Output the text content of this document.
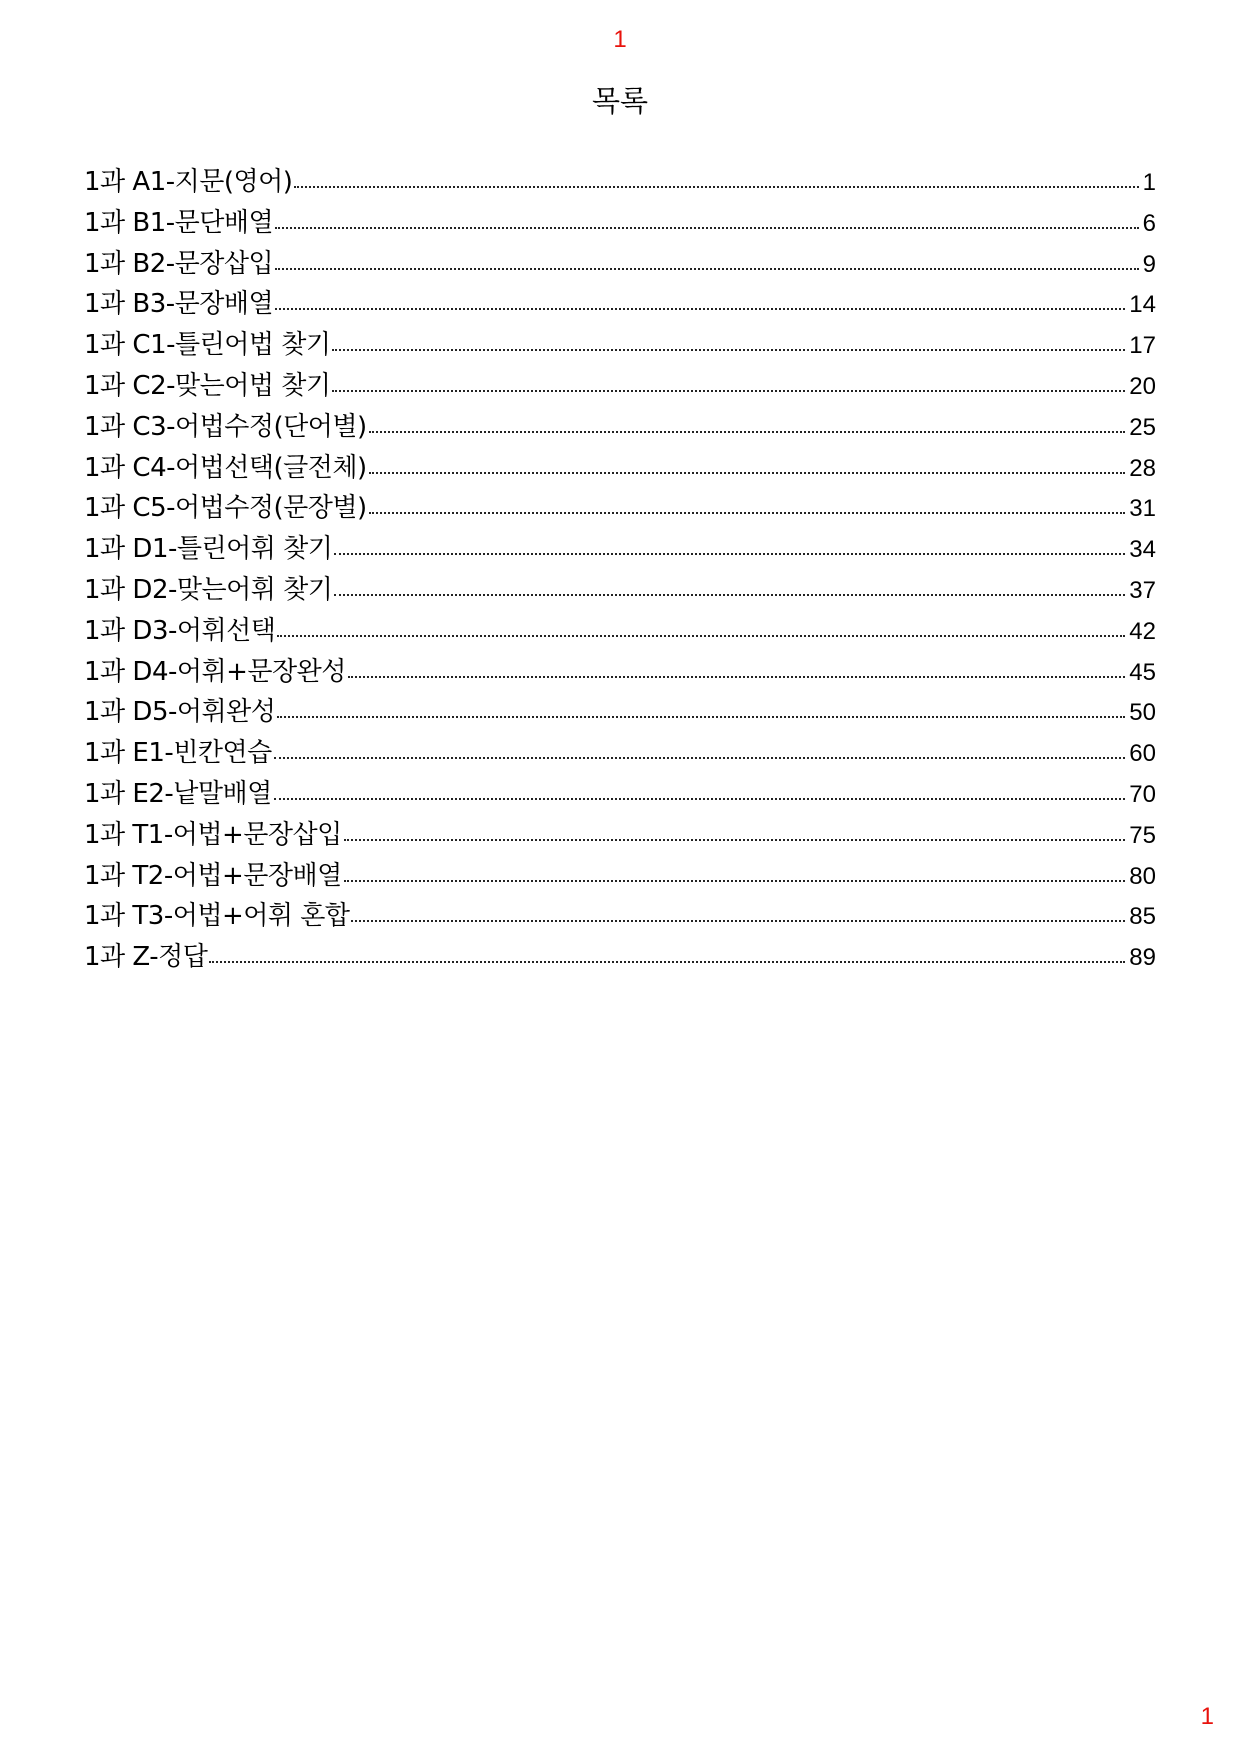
1
목록
1과 A1-지문(영어)	1
1과 B1-문단배열	6
1과 B2-문장삽입	9
1과 B3-문장배열	14
1과 C1-틀린어법 찾기	17
1과 C2-맞는어법 찾기	20
1과 C3-어법수정(단어별)	25
1과 C4-어법선택(글전체)	28
1과 C5-어법수정(문장별)	31
1과 D1-틀린어휘 찾기	34
1과 D2-맞는어휘 찾기	37
1과 D3-어휘선택	42
1과 D4-어휘+문장완성	45
1과 D5-어휘완성	50
1과 E1-빈칸연습	60
1과 E2-낱말배열	70
1과 T1-어법+문장삽입	75
1과 T2-어법+문장배열	80
1과 T3-어법+어휘 혼합	85
1과 Z-정답	89
1
